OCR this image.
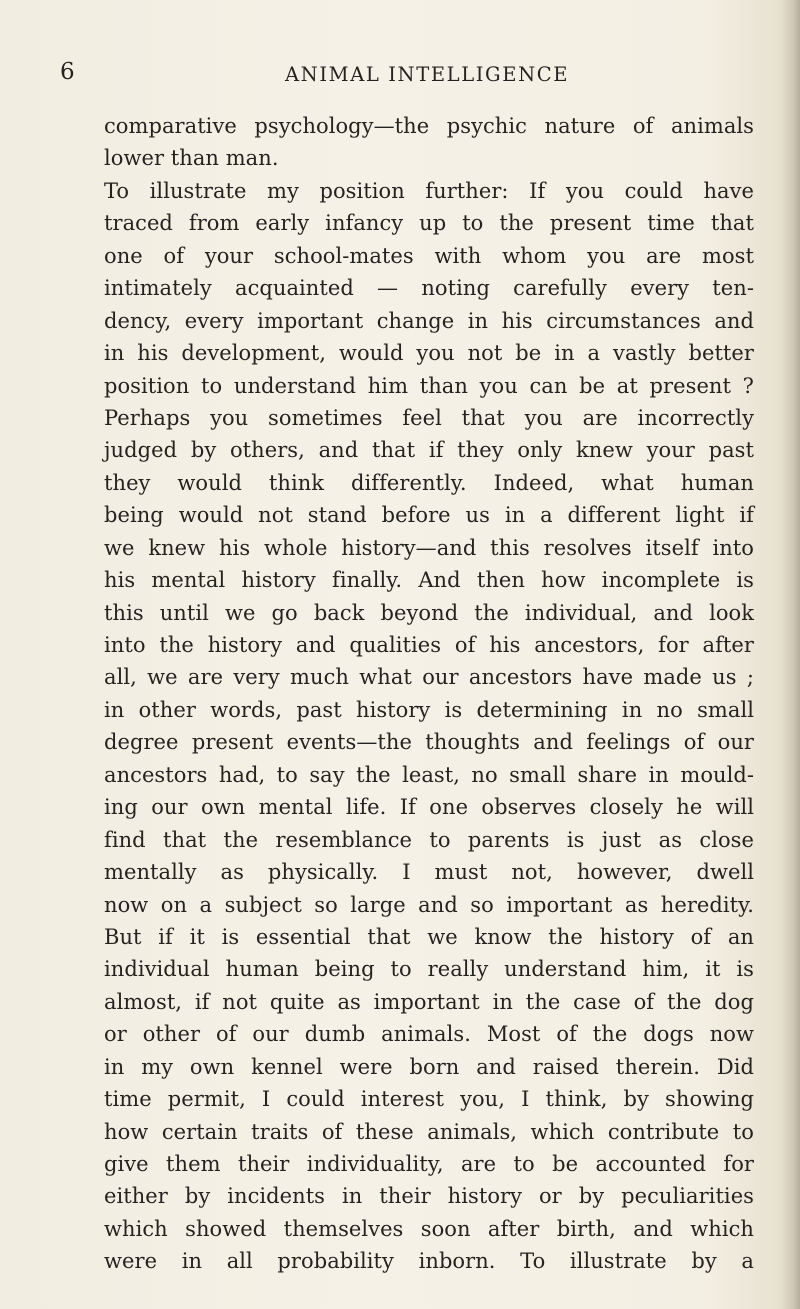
6	ANIMAL INTELLIGENCE
comparative psychology—the psychic nature of animals
lower than man.
To illustrate my position further: If you could have
traced from early infancy up to the present time that
one of your school-mates with whom you are most
intimately acquainted — noting carefully every ten-
dency, every important change in his circumstances and
in his development, would you not be in a vastly better
position to understand him than you can be at present ?
Perhaps you sometimes feel that you are incorrectly
judged by others, and that if they only knew your past
they would think differently. Indeed, what human
being would not stand before us in a different light if
we knew his whole history—and this resolves itself into
his mental history finally. And then how incomplete is
this until we go back beyond the individual, and look
into the history and qualities of his ancestors, for after
all, we are very much what our ancestors have made us ;
in other words, past history is determining in no small
degree present events—the thoughts and feelings of our
ancestors had, to say the least, no small share in mould-
ing our own mental life. If one observes closely he will
find that the resemblance to parents is just as close
mentally as physically. I must not, however, dwell
now on a subject so large and so important as heredity.
But if it is essential that we know the history of an
individual human being to really understand him, it is
almost, if not quite as important in the case of the dog
or other of our dumb animals. Most of the dogs now
in my own kennel were born and raised therein. Did
time permit, I could interest you, I think, by showing
how certain traits of these animals, which contribute to
give them their individuality, are to be accounted for
either by incidents in their history or by peculiarities
which showed themselves soon after birth, and which
were in all probability inborn. To illustrate by a
